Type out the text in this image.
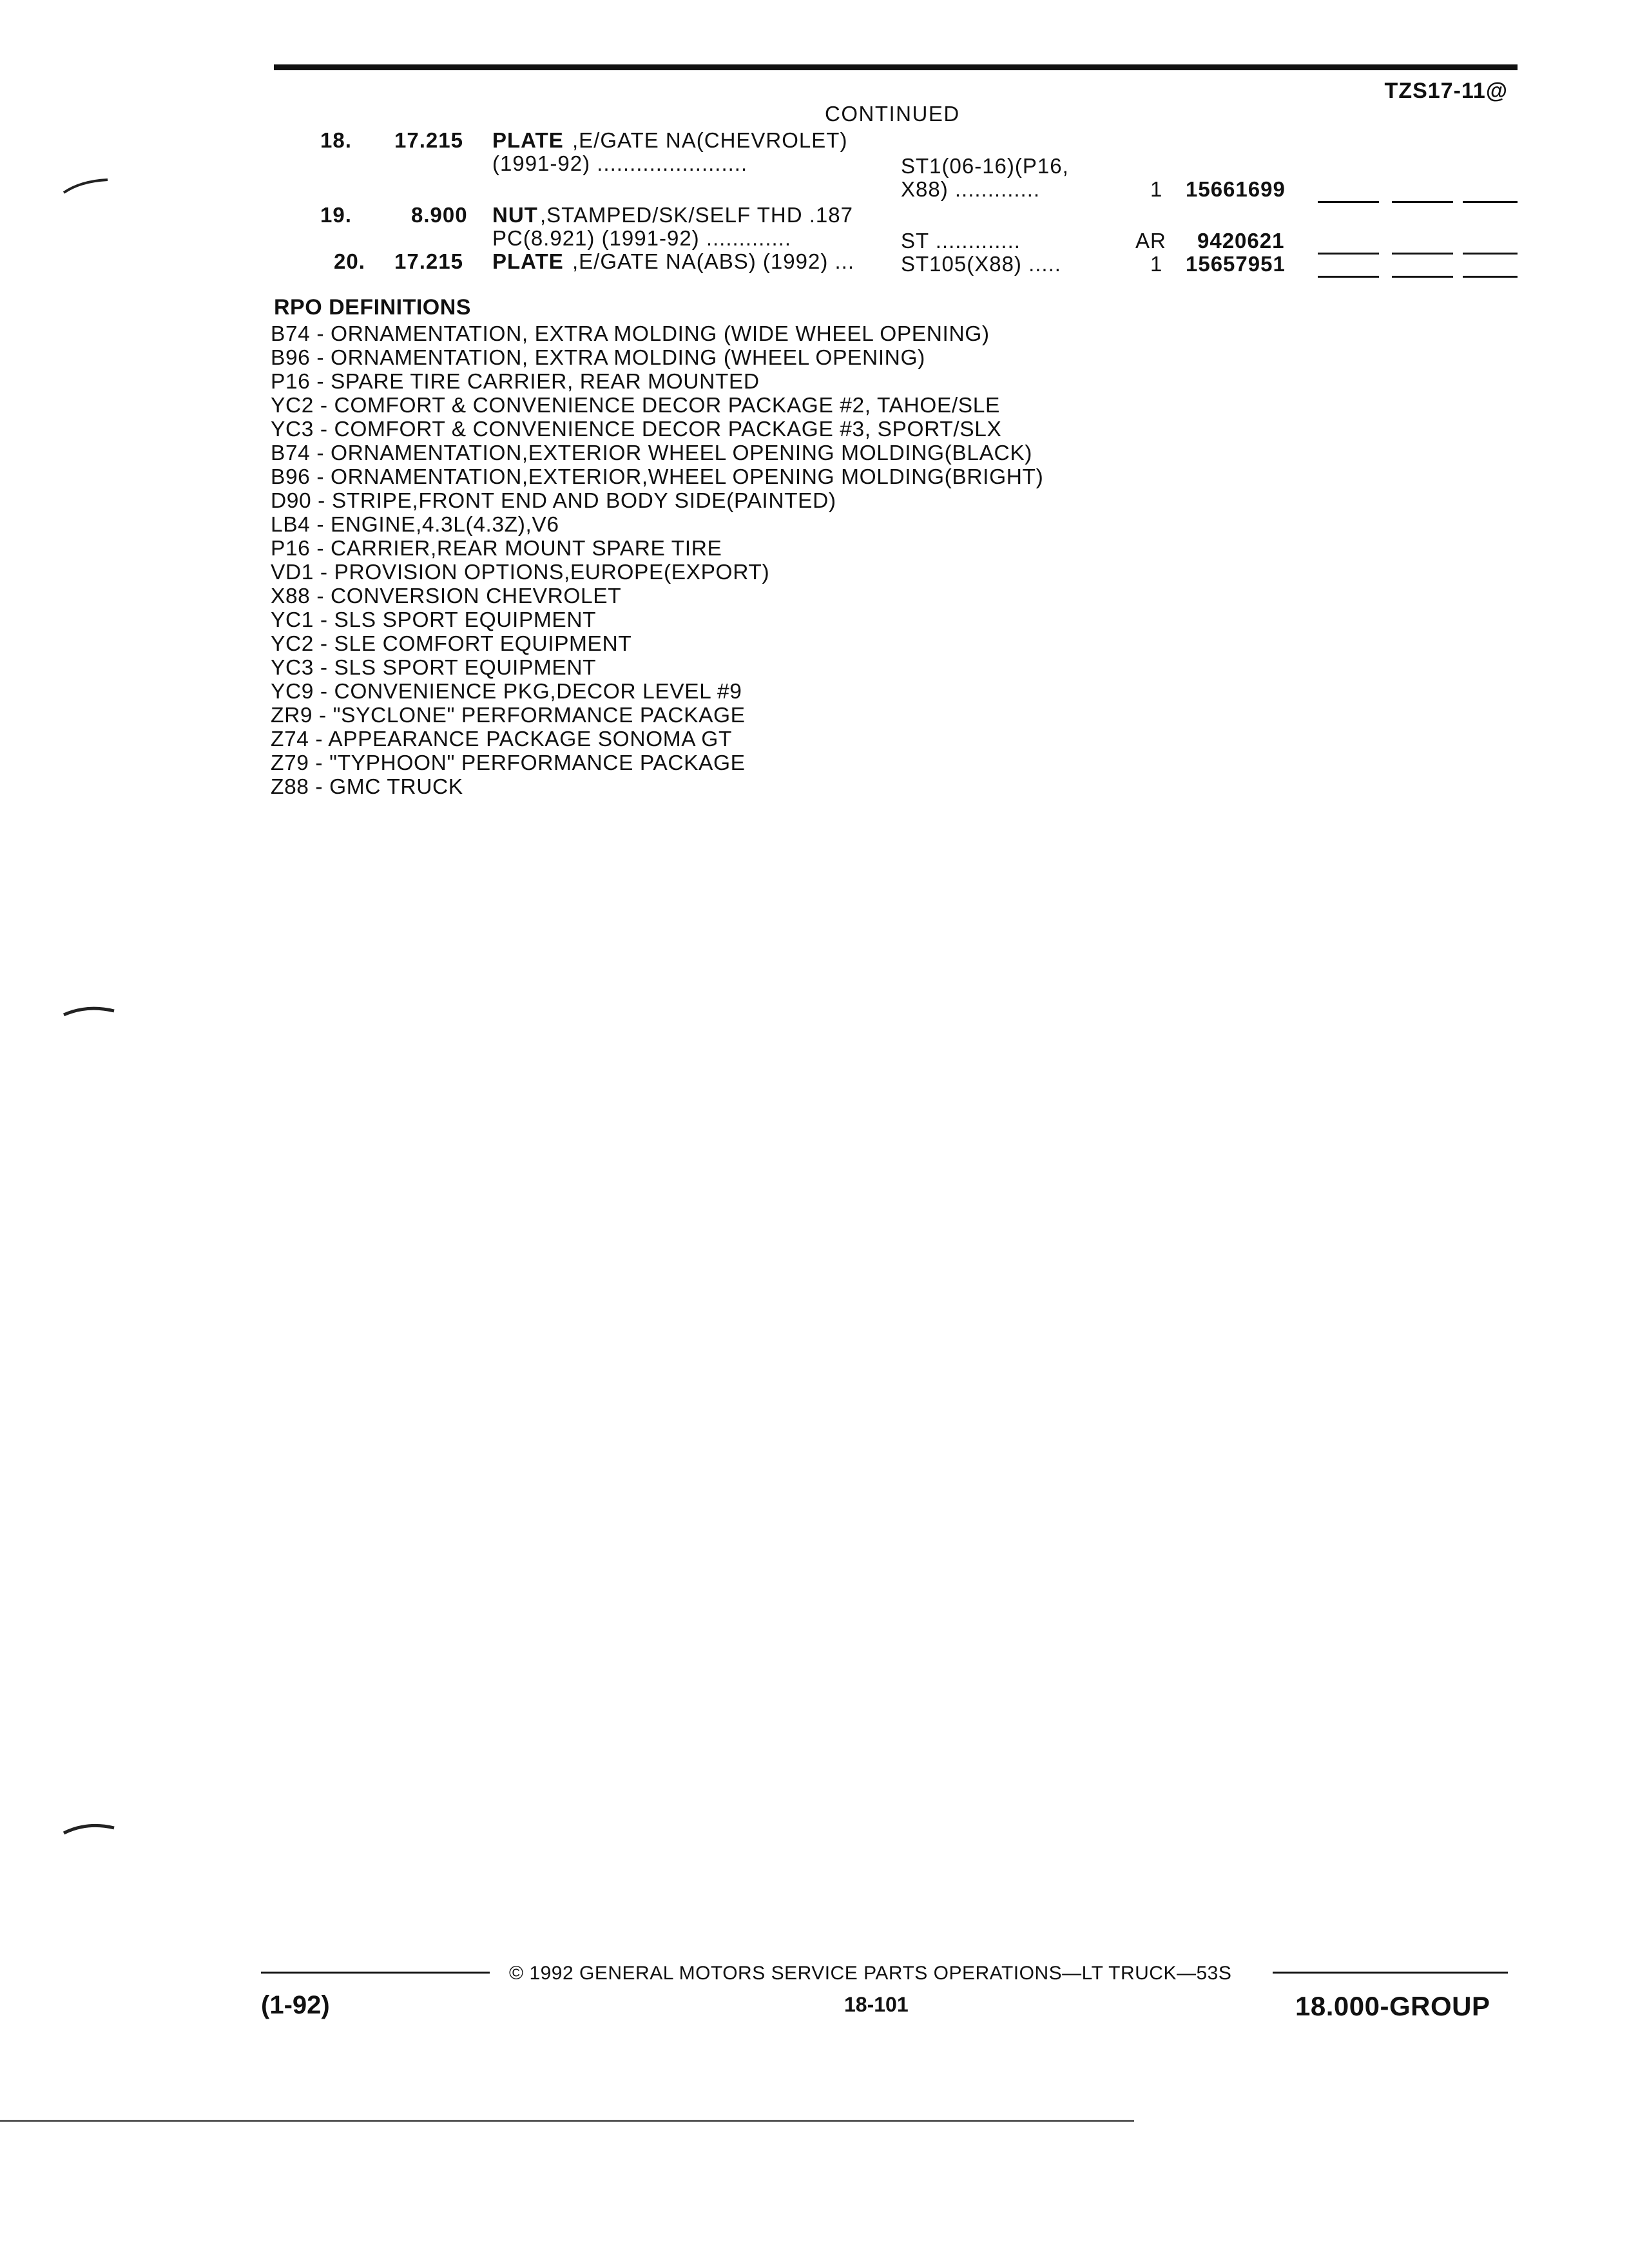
TZS17-11@
CONTINUED
18. 17.215 PLATE ,E/GATE NA(CHEVROLET)
(1991-92) .......................	ST1(06-16)(P16,
X88) .............	1 15661699
19.	8.900 NUT ,STAMPED/SK/SELF THD .187
PC(8.921) (1991-92) .............	ST .............	AR 9420621
20. 17.215 PLATE ,E/GATE NA(ABS) (1992) ... ST105(X88) .....	1 15657951
RPO DEFINITIONS
B74 - ORNAMENTATION, EXTRA MOLDING (WIDE WHEEL OPENING)
B96 - ORNAMENTATION, EXTRA MOLDING (WHEEL OPENING)
P16 - SPARE TIRE CARRIER, REAR MOUNTED
YC2 - COMFORT & CONVENIENCE DECOR PACKAGE #2, TAHOE/SLE
YC3 - COMFORT & CONVENIENCE DECOR PACKAGE #3, SPORT/SLX
B74 - ORNAMENTATION,EXTERIOR WHEEL OPENING MOLDING(BLACK)
B96 - ORNAMENTATION,EXTERIOR,WHEEL OPENING MOLDING(BRIGHT)
D90 - STRIPE,FRONT END AND BODY SIDE(PAINTED)
LB4 - ENGINE,4.3L(4.3Z),V6
P16 - CARRIER,REAR MOUNT SPARE TIRE
VD1 - PROVISION OPTIONS,EUROPE(EXPORT)
X88 - CONVERSION CHEVROLET
YC1 - SLS SPORT EQUIPMENT
YC2 - SLE COMFORT EQUIPMENT
YC3 - SLS SPORT EQUIPMENT
YC9 - CONVENIENCE PKG,DECOR LEVEL #9
ZR9 - "SYCLONE" PERFORMANCE PACKAGE
Z74 - APPEARANCE PACKAGE SONOMA GT
Z79 - "TYPHOON" PERFORMANCE PACKAGE
Z88 - GMC TRUCK
© 1992 GENERAL MOTORS SERVICE PARTS OPERATIONS—LT TRUCK—53S
(1-92)	18-101	18.000-GROUP
